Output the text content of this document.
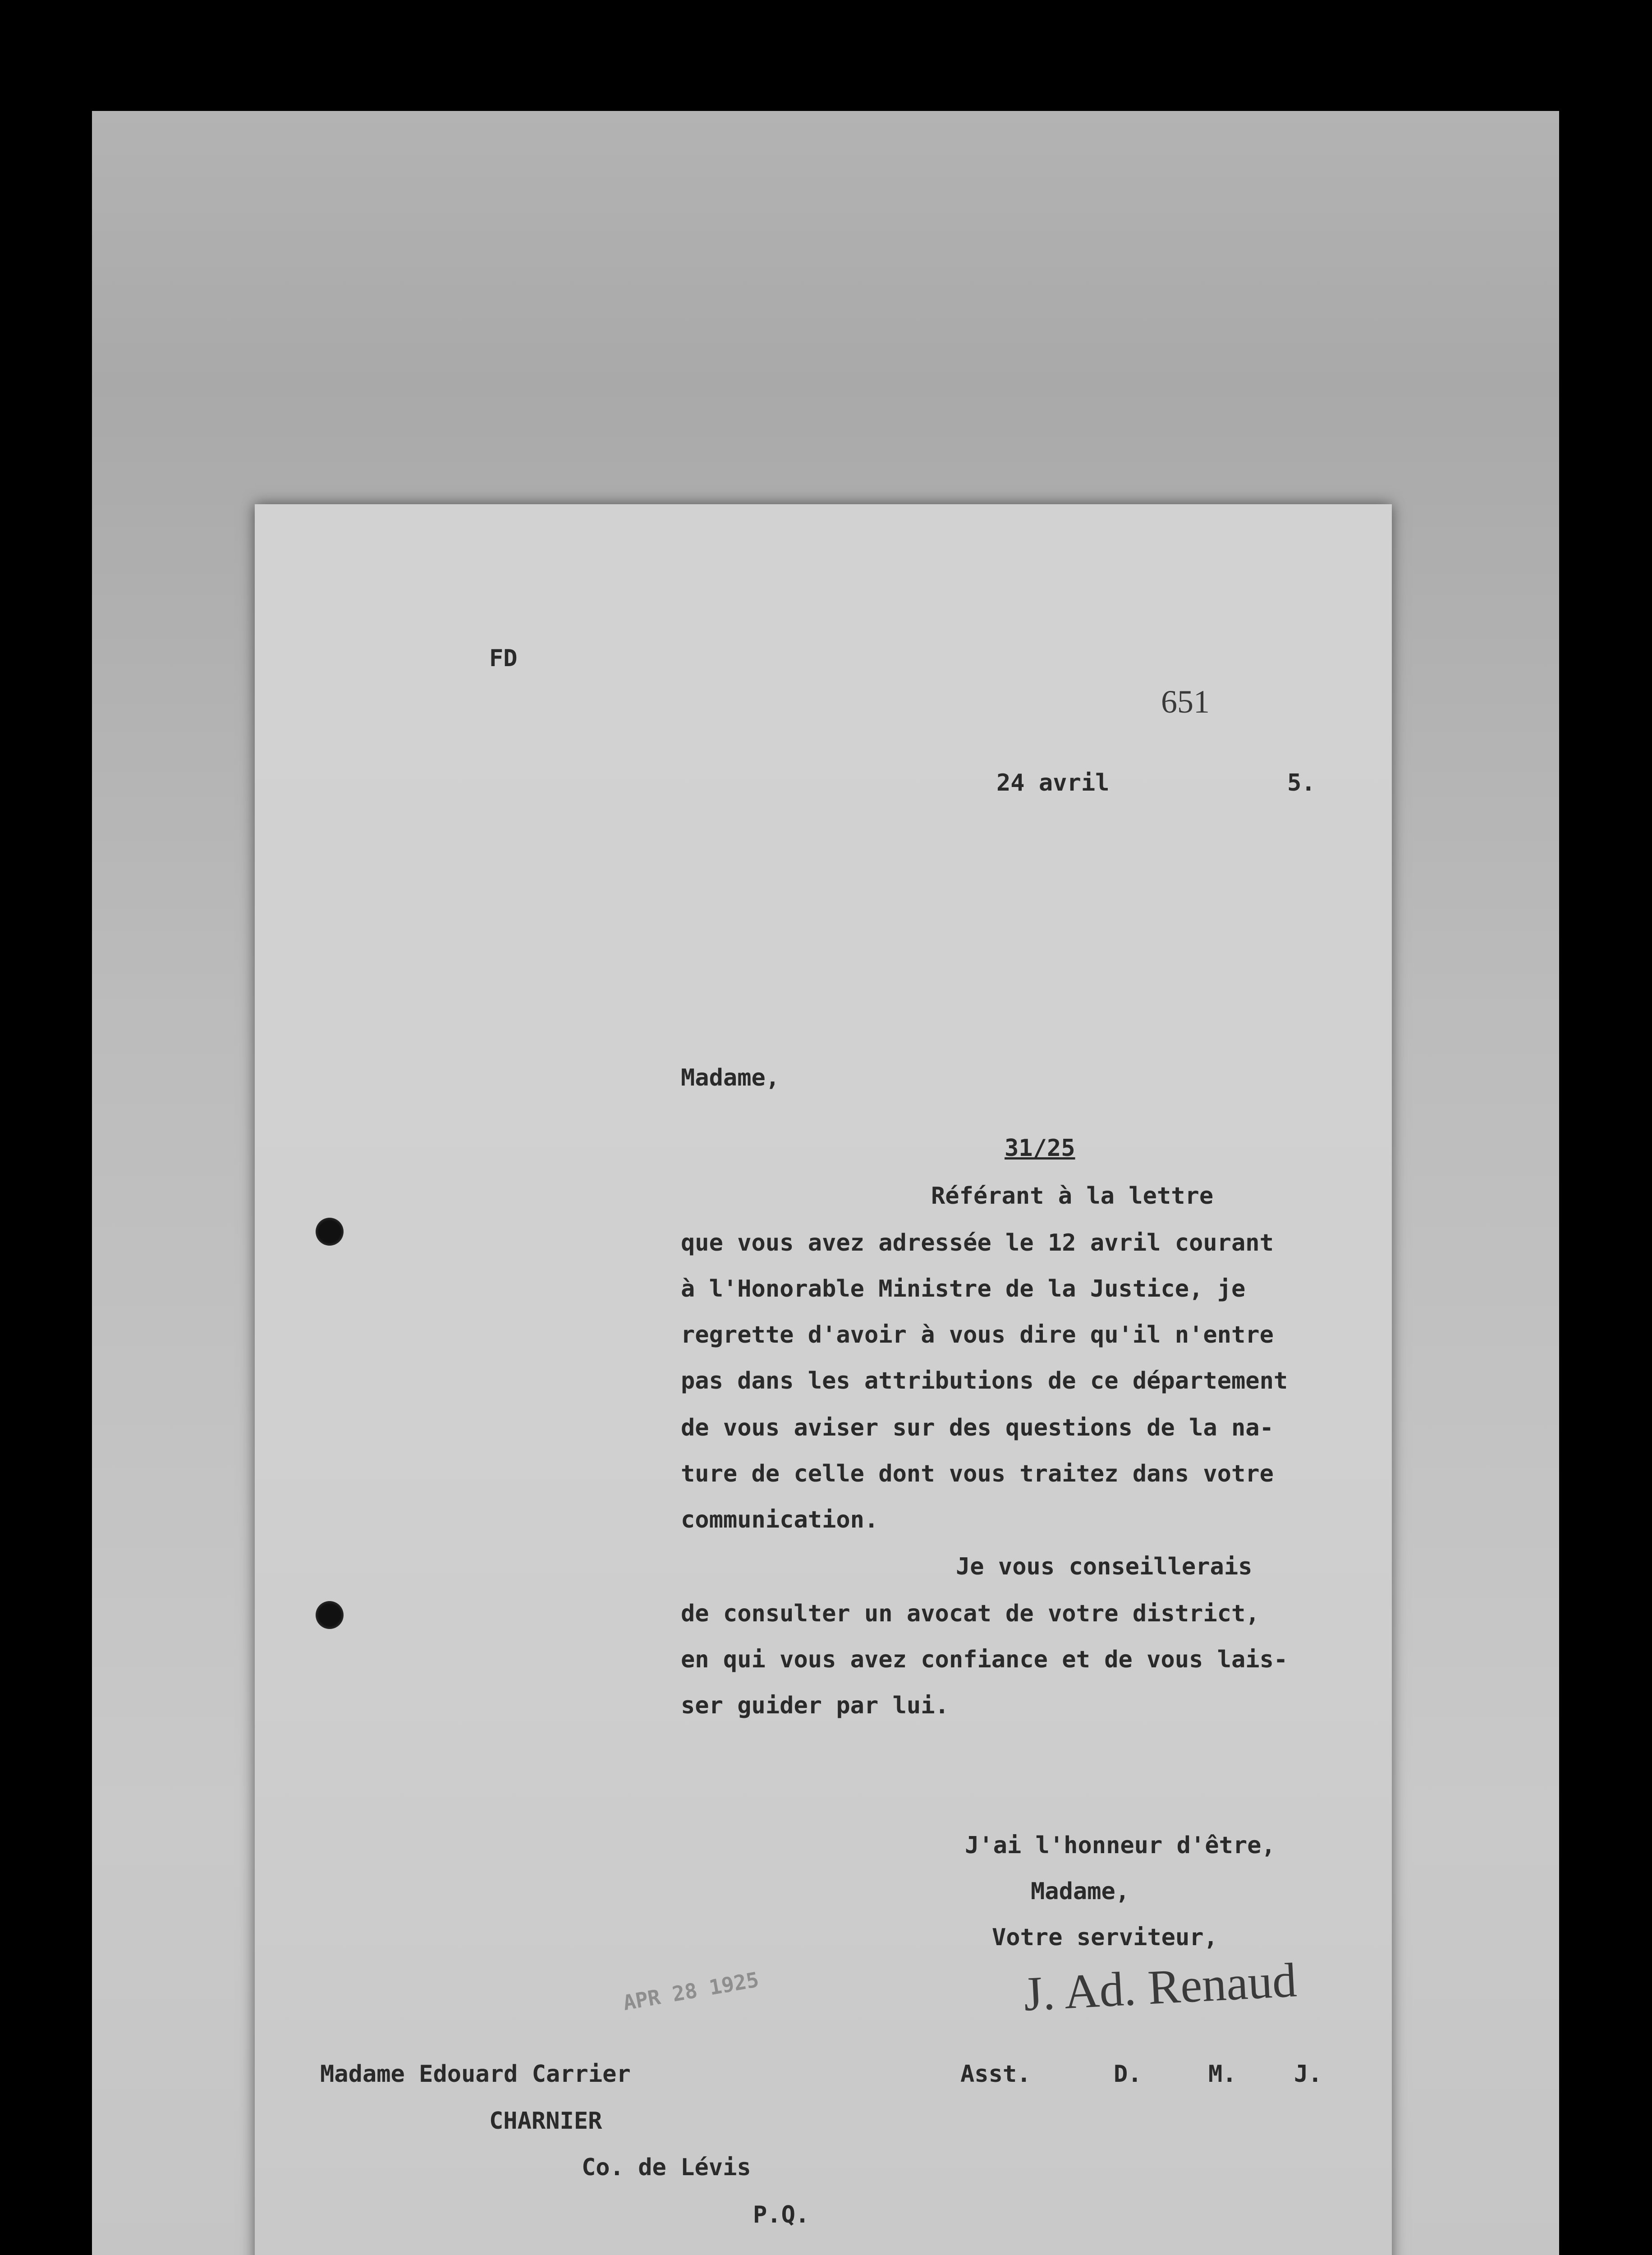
FD
651
24 avril	5.
Madame,
31/25
Référant à la lettre
que vous avez adressée le 12 avril courant
à l'Honorable Ministre de la Justice, je
regrette d'avoir à vous dire qu'il n'entre
pas dans les attributions de ce département
de vous aviser sur des questions de la na-
ture de celle dont vous traitez dans votre
communication.
Je vous conseillerais
de consulter un avocat de votre district,
en qui vous avez confiance et de vous lais-
ser guider par lui.
J'ai l'honneur d'être,
Madame,
Votre serviteur,
J. Ad. Renaud
APR 28 1925
Asst.	D.	M. J.
Madame Edouard Carrier
CHARNIER
Co. de Lévis
P.Q.
